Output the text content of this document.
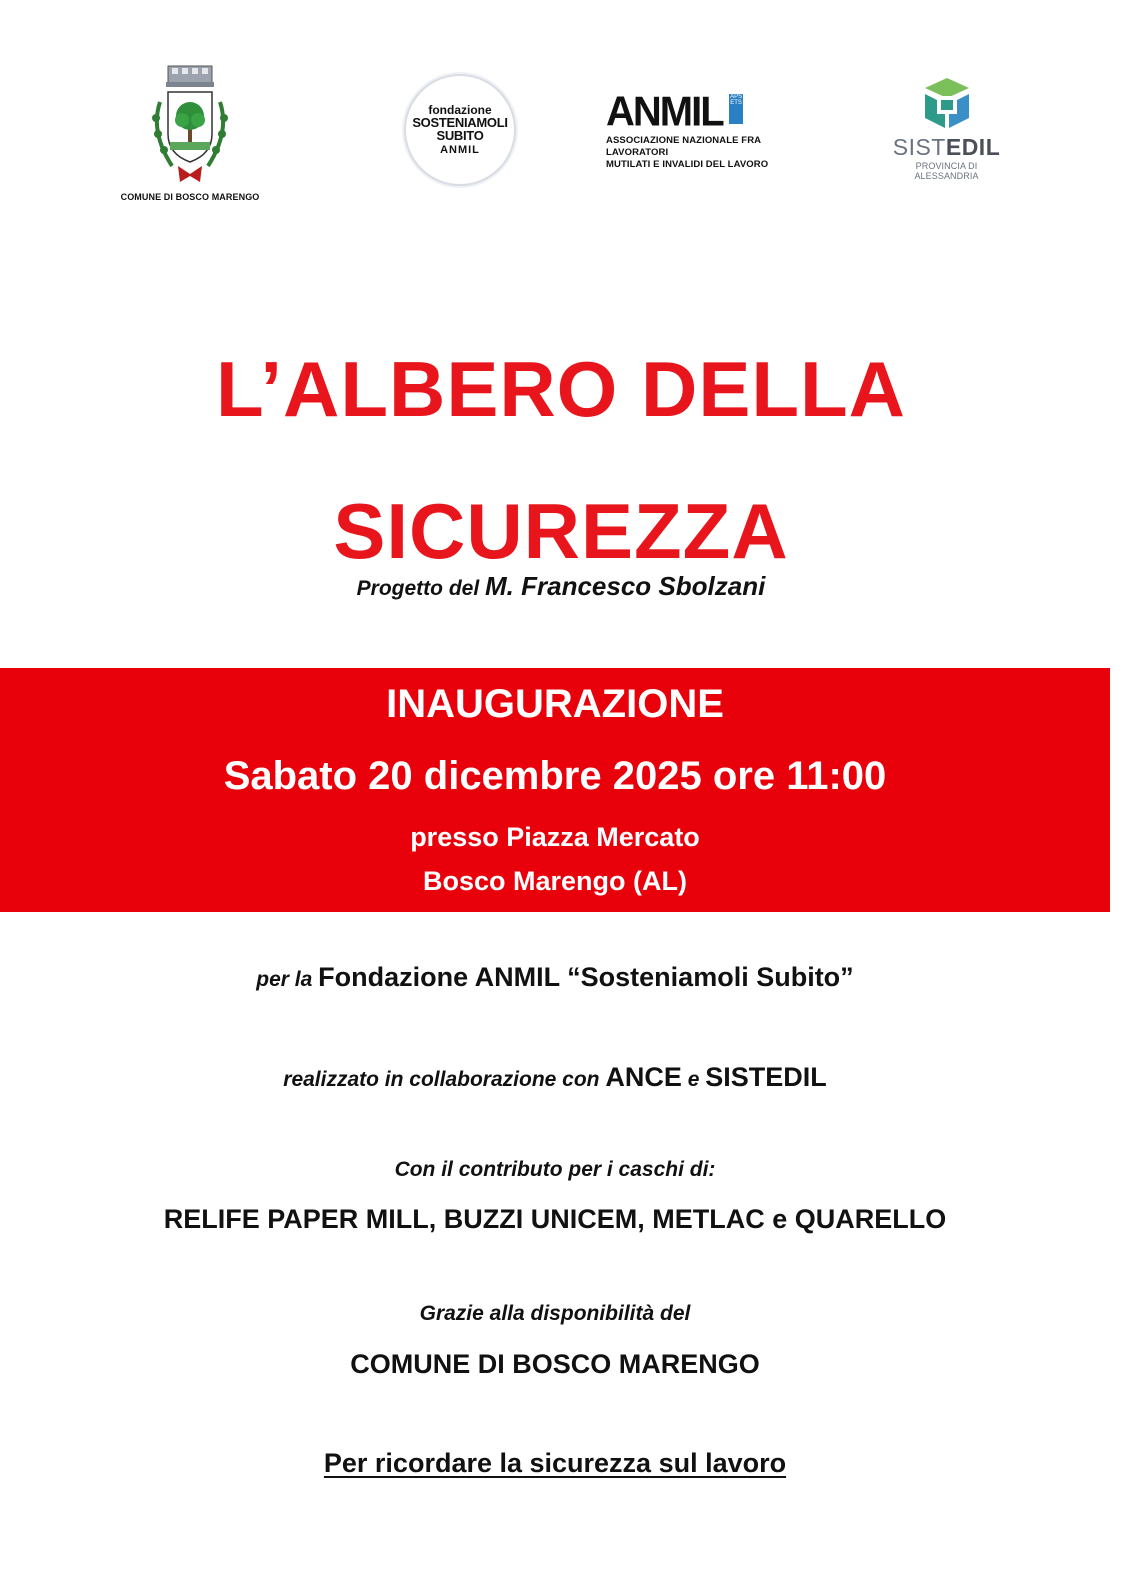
COMUNE DI BOSCO MARENGO
fondazione
SOSTENIAMOLI
SUBITO
ANMIL
ANMIL APS ETS
ASSOCIAZIONE NAZIONALE FRA LAVORATORI
MUTILATI E INVALIDI DEL LAVORO
SISTEDIL
PROVINCIA DI ALESSANDRIA
L’ALBERO DELLA
SICUREZZA
Progetto del M. Francesco Sbolzani
INAUGURAZIONE
Sabato 20 dicembre 2025 ore 11:00
presso Piazza Mercato
Bosco Marengo (AL)
per la Fondazione ANMIL “Sosteniamoli Subito”
realizzato in collaborazione con ANCE e SISTEDIL
Con il contributo per i caschi di:
RELIFE PAPER MILL, BUZZI UNICEM, METLAC e QUARELLO
Grazie alla disponibilità del
COMUNE DI BOSCO MARENGO
Per ricordare la sicurezza sul lavoro
